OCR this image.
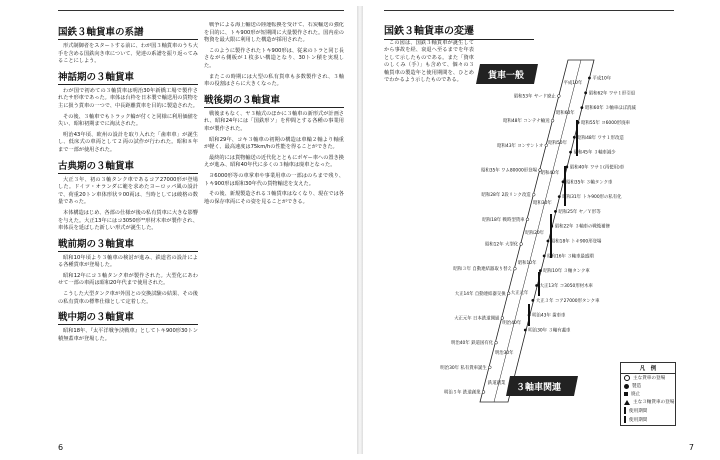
国鉄３軸貨車の系譜

形式制御者をスタートする前に、わが国３軸貨車のうち大手を含める国鉄向き車について、発達の系譜を振り返ってみることにしよう。

神話期の３軸貨車

わが国で初めての３軸貨車は明治30年新橋工場で製作されたサ形車であった。車体は台枠を日本製で輸送用の貨物を主に扱う貨車の一つで、中長距離貨車を目的に製造された。

その後、３軸車でもトラック輪が付くと同様に利用価値を失い、昭和初期までに淘汰された。

明治43年頃、欧州の設計を取り入れた「歯車車」が誕生し、低床式の車両として２両の試作が行われた。昭和８年まで一部が使用された。

古典期の３軸貨車

大正３年、初の３軸タンク車であるコア27000形が登場した。ドイツ・オランダに範を求めたヨーロッパ風の設計で、荷重20トン車体形状９00両は、当時としては破格の数量であった。

本体構造はじめ、各部の仕様が後の私有貨車に大きな影響を与えた。大正13年にはコ3050形³³形材木車が製作され、車体長を延ばした新しい形式が誕生した。

戦前期の３軸貨車

昭和10年頃より３軸車の検討が進み、鉄道省の設計による各種貨車が登場した。

昭和12年にコ３軸タンク車が製作された。大型化にあわせて一部の車両は昭和20年代まで使用された。

こうした大型タンク車が外国との交換試験の結果、その後の私有貨車の標準仕様として定着した。

戦中期の３軸貨車

昭和18年、『太平洋戦争決戦車』としてトキ900形30トン積無蓋車が登場した。

戦争による海上輸送の陸運転換を受けて、石炭輸送の強化を目的に、トキ900形が短期間に大量製作された。国内産の物資を最大限に利用した構造が採用された。

このように製作されたトキ900形は、従来のトラと同じ長さながら側板が１枚多い構造となり、30トン積を実現した。

またこの時期には大型の私有貨車も多数製作され、３軸車の役割はさらに大きくなった。

戦後期の３軸貨車

戦後まもなく、ヤ３軸式のほかに３軸車の新形式が計画され、昭和24年には「国鉄形ソ」を仲間とする各種の事業用車が製作された。

昭和29年、コキ３軸車の初期の構造は車輪２軸より軸重が軽く、最高速度は75km/hの性能を得ることができた。

最終的には貨物輸送の近代化とともにボギー車への置き換えが進み、昭和40年代に多くの３軸車は廃車となった。

ヨ6000形等の車掌車や事業用車の一部はのちまで残り、トキ900形は昭和30年代の貨物輸送を支えた。

その後、新規製造される３軸貨車はなくなり、現在では各地の保存車両にその姿を見ることができる。

6
国鉄３軸貨車の変遷

この図は、国鉄３軸貨車が誕生してから事故を経、衰退へ至るまでを年表として示したものである。また「資車のしくみ（手）」も含めて、個々の３軸貨車の製造年と使用期間を、ひとめでわかるよう示したものである。	貨車一般
３軸車関連
平成10年
昭和60年
昭和50年
昭和40年
昭和30年
昭和20年
昭和10年
大正元年
明治40年
明治30年
鉄道創業
昭和53年 ヤード廃止
昭和48年 コンテナ輸送
昭和43年 ヨンサントオ
昭和35年 ワム80000形登場
昭和28年 2段リンク改造
昭和18年 戦時型貨車
昭和12年 大型化
昭和３年 自動連結器取り替え
大正14年 自動連結器交換
大正元年 日本鉄道開通
明治40年 鉄道国有化
明治30年 私有貨車誕生
明治５年 鉄道創業
平成10年
昭和62年 ワサ１形引退
昭和60年 ３軸車ほぼ消滅
昭和55年 ヨ6000形廃車
昭和48年 ワサ１形改造
昭和45年 ３軸車減少
昭和40年 ワサ１(再使用)車
昭和35年 ３軸タンク車
昭和31年 トキ900形の私有化
昭和25年 ヤ／Ｙ形等
昭和22年 ３軸車の戦後補修
昭和18年 トキ900形登場
昭和16年 ３軸車最盛期
昭和10年 ３軸タンク車
大正13年 コ3050形材木車
大正３年 コア27000形タンク車
明治43年 歯車車
明治30年 ３軸有蓋車
凡　例
主な貨車の登場
製造
廃止
主な３軸貨車の登場
使用期間
使用期間
7
